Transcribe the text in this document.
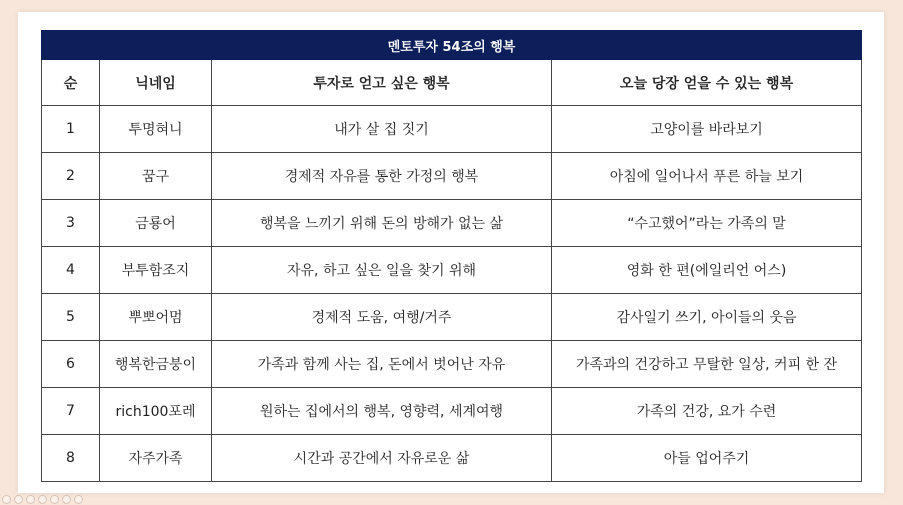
멘토투자 54조의 행복			
순	닉네임	투자로 얻고 싶은 행복	오늘 당장 얻을 수 있는 행복
1	투명혀니	내가 살 집 짓기	고양이를 바라보기
2	꿈구	경제적 자유를 통한 가정의 행복	아침에 일어나서 푸른 하늘 보기
3	금룡어	행복을 느끼기 위해 돈의 방해가 없는 삶	“수고했어”라는 가족의 말
4	부투함조지	자유, 하고 싶은 일을 찾기 위해	영화 한 편(에일리언 어스)
5	뿌뽀어멈	경제적 도움, 여행/거주	감사일기 쓰기, 아이들의 웃음
6	행복한금붕이	가족과 함께 사는 집, 돈에서 벗어난 자유	가족과의 건강하고 무탈한 일상, 커피 한 잔
7	rich100포레	원하는 집에서의 행복, 영향력, 세계여행	가족의 건강, 요가 수련
8	자주가족	시간과 공간에서 자유로운 삶	아들 업어주기
